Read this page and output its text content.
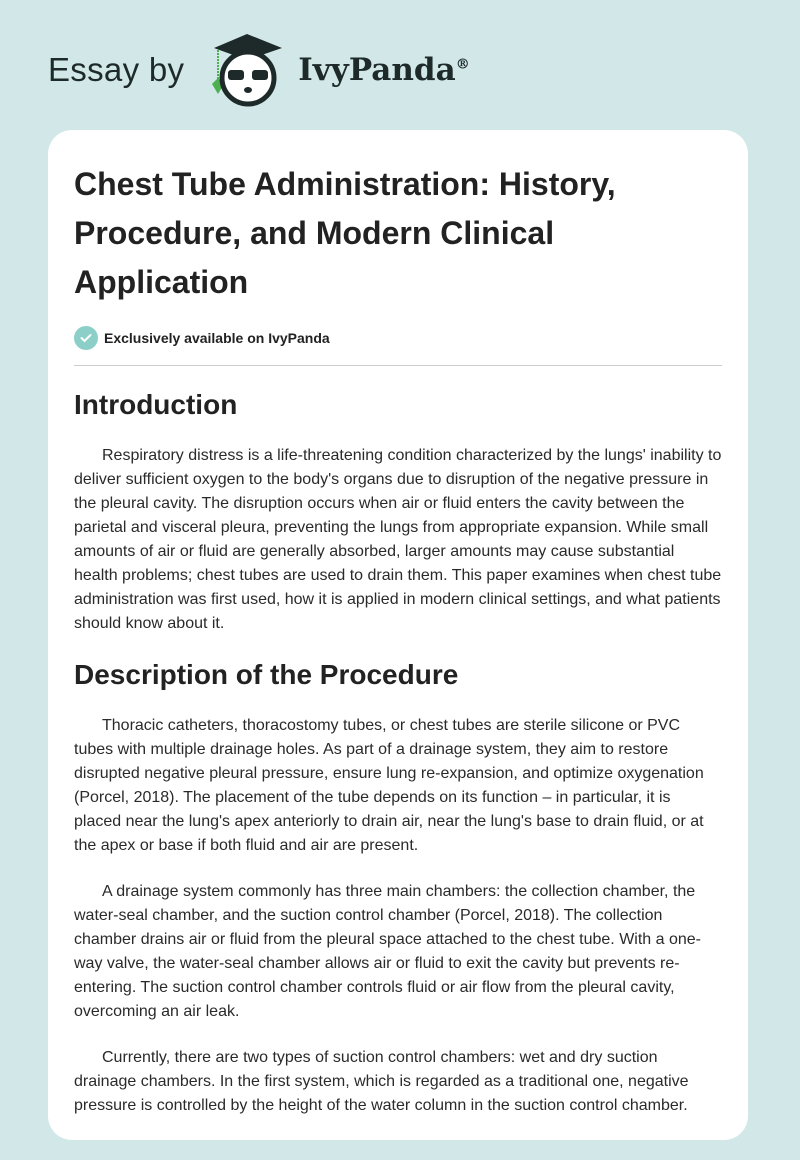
Essay by	IvyPanda®
Chest Tube Administration: History, Procedure, and Modern Clinical Application
Exclusively available on IvyPanda
Introduction

Respiratory distress is a life-threatening condition characterized by the lungs' inability to deliver sufficient oxygen to the body's organs due to disruption of the negative pressure in the pleural cavity. The disruption occurs when air or fluid enters the cavity between the parietal and visceral pleura, preventing the lungs from appropriate expansion. While small amounts of air or fluid are generally absorbed, larger amounts may cause substantial health problems; chest tubes are used to drain them. This paper examines when chest tube administration was first used, how it is applied in modern clinical settings, and what patients should know about it.

Description of the Procedure

Thoracic catheters, thoracostomy tubes, or chest tubes are sterile silicone or PVC tubes with multiple drainage holes. As part of a drainage system, they aim to restore disrupted negative pleural pressure, ensure lung re-expansion, and optimize oxygenation (Porcel, 2018). The placement of the tube depends on its function – in particular, it is placed near the lung's apex anteriorly to drain air, near the lung's base to drain fluid, or at the apex or base if both fluid and air are present.

A drainage system commonly has three main chambers: the collection chamber, the water-seal chamber, and the suction control chamber (Porcel, 2018). The collection chamber drains air or fluid from the pleural space attached to the chest tube. With a one-way valve, the water-seal chamber allows air or fluid to exit the cavity but prevents re-entering. The suction control chamber controls fluid or air flow from the pleural cavity, overcoming an air leak.

Currently, there are two types of suction control chambers: wet and dry suction drainage chambers. In the first system, which is regarded as a traditional one, negative pressure is controlled by the height of the water column in the suction control chamber.
